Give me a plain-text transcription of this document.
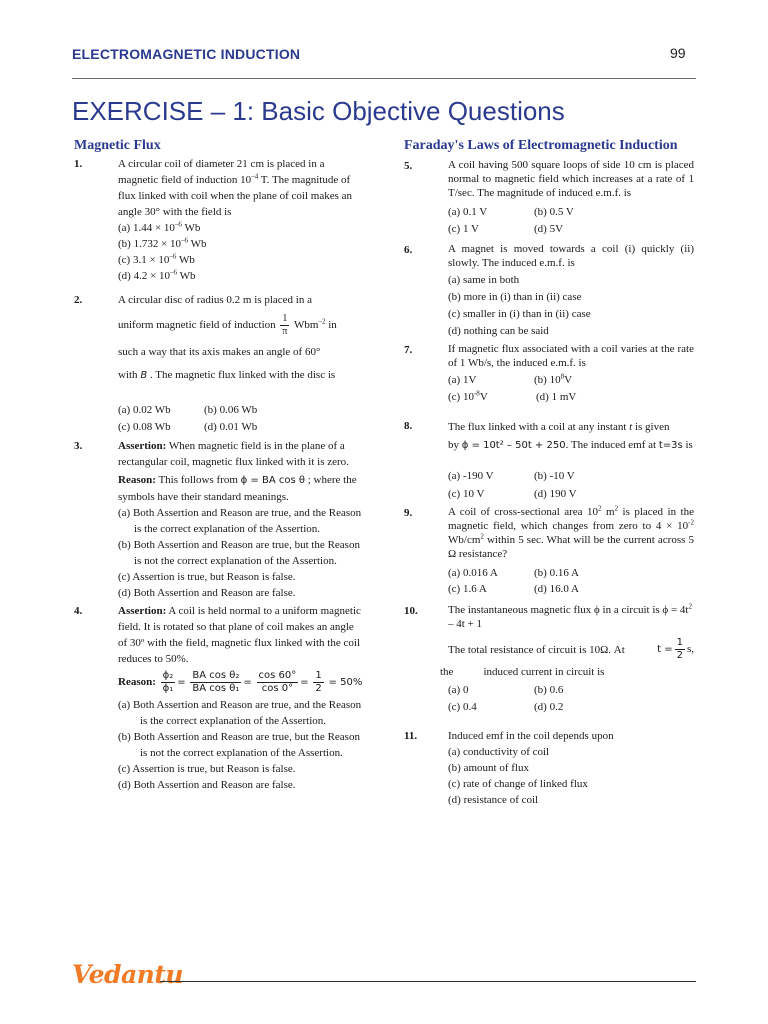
ELECTROMAGNETIC INDUCTION	99
EXERCISE – 1: Basic Objective Questions
Magnetic Flux
1.	A circular coil of diameter 21 cm is placed in a magnetic field of induction $10^{-4}$ T. The magnitude of flux linked with coil when the plane of coil makes an angle 30° with the field is
(a) $1.44 \times 10^{-6}$ Wb
(b) $1.732 \times 10^{-6}$ Wb
(c) $3.1 \times 10^{-6}$ Wb
(d) $4.2 \times 10^{-6}$ Wb
2.	A circular disc of radius 0.2 m is placed in a
uniform magnetic field of induction $\frac{1}{\pi} Wbm^{-2}$ in
such a way that its axis makes an angle of 60°
with B . The magnetic flux linked with the disc is
(a) 0.02 Wb	(b) 0.06 Wb
(c) 0.08 Wb	(d) 0.01 Wb
3.	Assertion: When magnetic field is in the plane of a rectangular coil, magnetic flux linked with it is zero.
Reason: This follows from ϕ = BA cos θ ; where the symbols have their standard meanings.
(a) Both Assertion and Reason are true, and the Reason is the correct explanation of the Assertion.
(b) Both Assertion and Reason are true, but the Reason is not the correct explanation of the Assertion.
(c) Assertion is true, but Reason is false.
(d) Both Assertion and Reason are false.
4.	Assertion: A coil is held normal to a uniform magnetic field. It is rotated so that plane of coil makes an angle of 30º with the field, magnetic flux linked with the coil reduces to 50%.
Reason: $\frac{\text{ϕ₂}}{\text{ϕ₁}} = \frac{\text{BA cos θ₂}}{\text{BA cos θ₁}} = \frac{\cos 60^\circ}{\cos 0^\circ} = \frac{1}{2} = 50\%$
(a) Both Assertion and Reason are true, and the Reason is the correct explanation of the Assertion.
(b) Both Assertion and Reason are true, but the Reason is not the correct explanation of the Assertion.
(c) Assertion is true, but Reason is false.
(d) Both Assertion and Reason are false.
Faraday's Laws of Electromagnetic Induction
5.	A coil having 500 square loops of side 10 cm is placed normal to magnetic field which increases at a rate of 1 T/sec. The magnitude of induced e.m.f. is
(a) 0.1 V	(b) 0.5 V
(c) 1 V	(d) 5V
6.	A magnet is moved towards a coil (i) quickly (ii) slowly. The induced e.m.f. is
(a) same in both
(b) more in (i) than in (ii) case
(c) smaller in (i) than in (ii) case
(d) nothing can be said
7.	If magnetic flux associated with a coil varies at the rate of 1 Wb/s, the induced e.m.f. is
(a) 1V	(b) $10^8V$
(c) $10^{-8}V$	(d) 1 mV
8.	The flux linked with a coil at any instant t is given
by ϕ = 10t² – 50t + 250. The induced emf at t=3s is
(a) -190 V	(b) -10 V
(c) 10 V	(d) 190 V
9.	A coil of cross-sectional area $10^2$ $m^2$ is placed in the magnetic field, which changes from zero to $4 \times 10^{-2}$ $Wb/cm^2$ within 5 sec. What will be the current across 5 Ω resistance?
(a) 0.016 A	(b) 0.16 A
(c) 1.6 A	(d) 16.0 A
10.	The instantaneous magnetic flux ϕ in a circuit is $\phi = 4t^2 - 4t + 1$
The total resistance of circuit is 10Ω. At	$t = \frac{1}{2} s$,
the	induced current in circuit is
(a) 0	(b) 0.6
(c) 0.4	(d) 0.2
11.	Induced emf in the coil depends upon
(a) conductivity of coil
(b) amount of flux
(c) rate of change of linked flux
(d) resistance of coil
Vedantu
